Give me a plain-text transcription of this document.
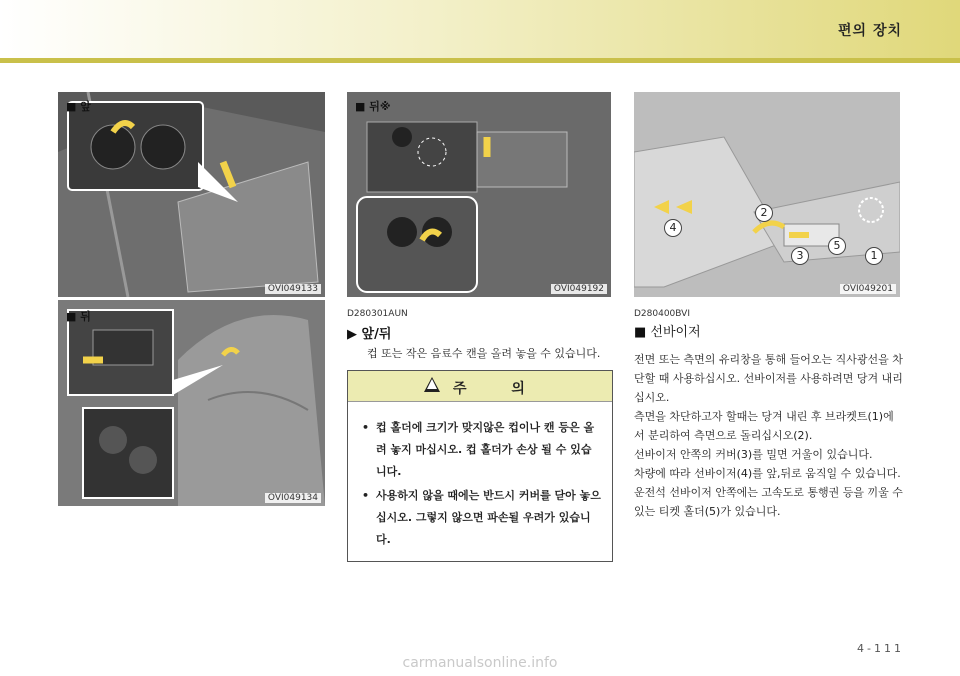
편의 장치
■ 앞
OVI049133
■ 뒤※
OVI049192
■ 뒤
OVI049134
1
2
3
4
5
OVI049201
D280301AUN
▶ 앞/뒤
컵 또는 작은 음료수 캔을 올려 놓을 수 있습니다.
주 의
• 컵 홀더에 크기가 맞지않은 컵이나 캔 등은 올려 놓지 마십시오. 컵 홀더가 손상 될 수 있습니다.
• 사용하지 않을 때에는 반드시 커버를 닫아 놓으십시오. 그렇지 않으면 파손될 우려가 있습니다.
D280400BVI
■ 선바이저
전면 또는 측면의 유리창을 통해 들어오는 직사광선을 차단할 때 사용하십시오. 선바이저를 사용하려면 당겨 내리십시오.
측면을 차단하고자 할때는 당겨 내린 후 브라켓트(1)에서 분리하여 측면으로 돌리십시오(2).
선바이저 안쪽의 커버(3)를 밀면 거울이 있습니다.
차량에 따라 선바이저(4)를 앞,뒤로 움직일 수 있습니다. 운전석 선바이저 안쪽에는 고속도로 통행권 등을 끼울 수 있는 티켓 홀더(5)가 있습니다.
4-111
carmanualsonline.info
